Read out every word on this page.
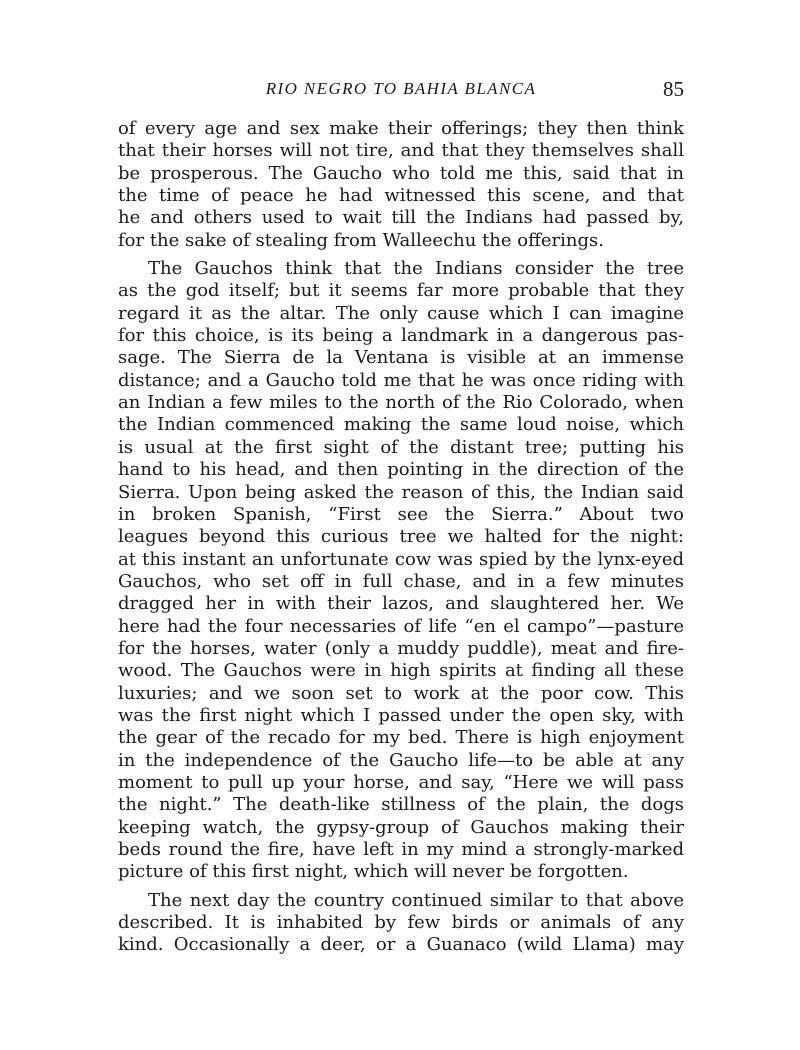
RIO NEGRO TO BAHIA BLANCA	85

of every age and sex make their offerings; they then think
that their horses will not tire, and that they themselves shall
be prosperous. The Gaucho who told me this, said that in
the time of peace he had witnessed this scene, and that
he and others used to wait till the Indians had passed by,
for the sake of stealing from Walleechu the offerings.

The Gauchos think that the Indians consider the tree
as the god itself; but it seems far more probable that they
regard it as the altar. The only cause which I can imagine
for this choice, is its being a landmark in a dangerous pas-
sage. The Sierra de la Ventana is visible at an immense
distance; and a Gaucho told me that he was once riding with
an Indian a few miles to the north of the Rio Colorado, when
the Indian commenced making the same loud noise, which
is usual at the first sight of the distant tree; putting his
hand to his head, and then pointing in the direction of the
Sierra. Upon being asked the reason of this, the Indian said
in broken Spanish, “First see the Sierra.” About two
leagues beyond this curious tree we halted for the night:
at this instant an unfortunate cow was spied by the lynx-eyed
Gauchos, who set off in full chase, and in a few minutes
dragged her in with their lazos, and slaughtered her. We
here had the four necessaries of life “en el campo”—pasture
for the horses, water (only a muddy puddle), meat and fire-
wood. The Gauchos were in high spirits at finding all these
luxuries; and we soon set to work at the poor cow. This
was the first night which I passed under the open sky, with
the gear of the recado for my bed. There is high enjoyment
in the independence of the Gaucho life—to be able at any
moment to pull up your horse, and say, “Here we will pass
the night.” The death-like stillness of the plain, the dogs
keeping watch, the gypsy-group of Gauchos making their
beds round the fire, have left in my mind a strongly-marked
picture of this first night, which will never be forgotten.

The next day the country continued similar to that above
described. It is inhabited by few birds or animals of any
kind. Occasionally a deer, or a Guanaco (wild Llama) may
